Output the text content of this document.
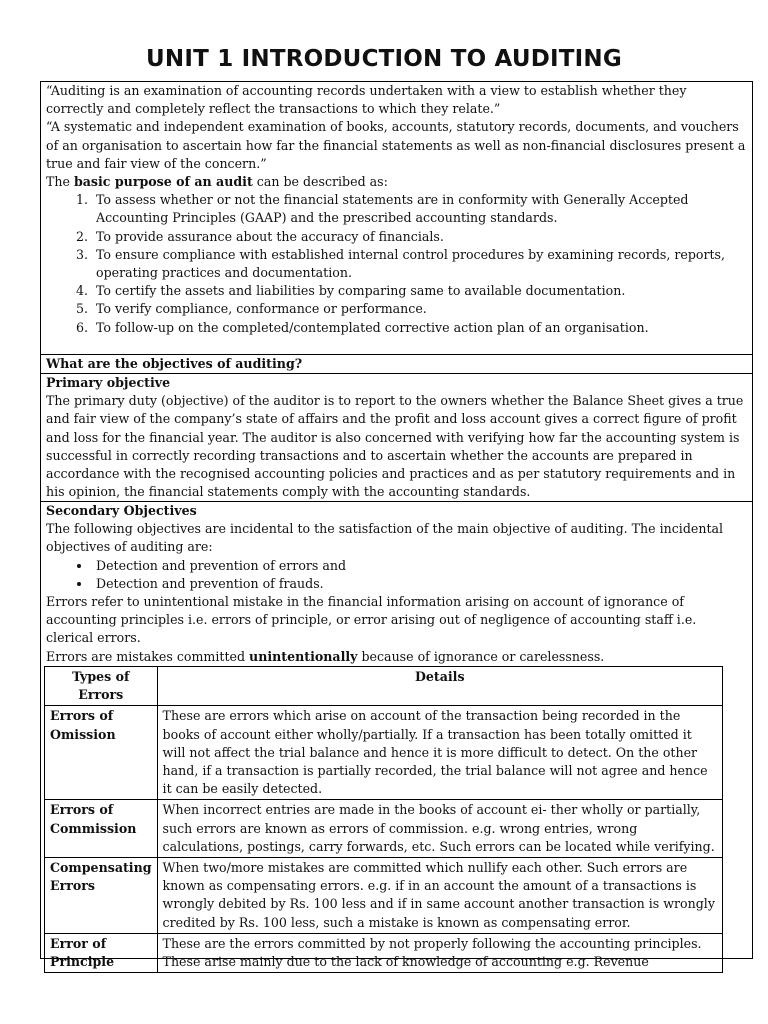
UNIT 1 INTRODUCTION TO AUDITING

“Auditing is an examination of accounting records undertaken with a view to establish whether they correctly and completely reflect the transactions to which they relate.”

“A systematic and independent examination of books, accounts, statutory records, documents, and vouchers of an organisation to ascertain how far the financial statements as well as non-financial disclosures present a true and fair view of the concern.”

The basic purpose of an audit can be described as:

1. To assess whether or not the financial statements are in conformity with Generally Accepted Accounting Principles (GAAP) and the prescribed accounting standards.
2. To provide assurance about the accuracy of financials.
3. To ensure compliance with established internal control procedures by examining records, reports, operating practices and documentation.
4. To certify the assets and liabilities by comparing same to available documentation.
5. To verify compliance, conformance or performance.
6. To follow-up on the completed/contemplated corrective action plan of an organisation.

What are the objectives of auditing?

Primary objective

The primary duty (objective) of the auditor is to report to the owners whether the Balance Sheet gives a true and fair view of the company’s state of affairs and the profit and loss account gives a correct figure of profit and loss for the financial year. The auditor is also concerned with verifying how far the accounting system is successful in correctly recording transactions and to ascertain whether the accounts are prepared in accordance with the recognised accounting policies and practices and as per statutory requirements and in his opinion, the financial statements comply with the accounting standards.

Secondary Objectives

The following objectives are incidental to the satisfaction of the main objective of auditing. The incidental objectives of auditing are:

• Detection and prevention of errors and
• Detection and prevention of frauds.

Errors refer to unintentional mistake in the financial information arising on account of ignorance of accounting principles i.e. errors of principle, or error arising out of negligence of accounting staff i.e. clerical errors.

Errors are mistakes committed unintentionally because of ignorance or carelessness.

Types of Errors	Details
Errors of Omission	These are errors which arise on account of the transaction being recorded in the books of account either wholly/partially. If a transaction has been totally omitted it will not affect the trial balance and hence it is more difficult to detect. On the other hand, if a transaction is partially recorded, the trial balance will not agree and hence it can be easily detected.
Errors of Commission	When incorrect entries are made in the books of account ei- ther wholly or partially, such errors are known as errors of commission. e.g. wrong entries, wrong calculations, postings, carry forwards, etc. Such errors can be located while verifying.
Compensating Errors	When two/more mistakes are committed which nullify each other. Such errors are known as compensating errors. e.g. if in an account the amount of a transactions is wrongly debited by Rs. 100 less and if in same account another transaction is wrongly credited by Rs. 100 less, such a mistake is known as compensating error.
Error of Principle	These are the errors committed by not properly following the accounting principles. These arise mainly due to the lack of knowledge of accounting e.g. Revenue
